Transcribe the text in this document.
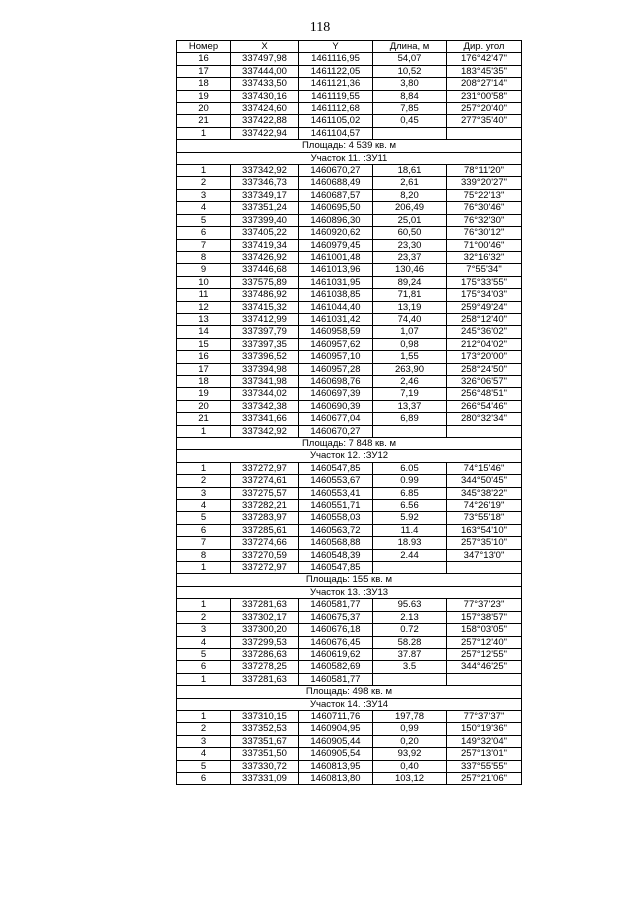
118
Номер	X	Y	Длина, м	Дир. угол
16	337497,98	1461116,95	54,07	176°42'47"
17	337444,00	1461122,05	10,52	183°45'35"
18	337433,50	1461121,36	3,80	208°27'14"
19	337430,16	1461119,55	8,84	231°00'58"
20	337424,60	1461112,68	7,85	257°20'40"
21	337422,88	1461105,02	0,45	277°35'40"
1	337422,94	1461104,57		
Площадь: 4 539 кв. м				
Участок 11. :ЗУ11				
1	337342,92	1460670,27	18,61	78°11'20"
2	337346,73	1460688,49	2,61	339°20'27"
3	337349,17	1460687,57	8,20	75°22'13"
4	337351,24	1460695,50	206,49	76°30'46"
5	337399,40	1460896,30	25,01	76°32'30"
6	337405,22	1460920,62	60,50	76°30'12"
7	337419,34	1460979,45	23,30	71°00'46"
8	337426,92	1461001,48	23,37	32°16'32"
9	337446,68	1461013,96	130,46	7°55'34"
10	337575,89	1461031,95	89,24	175°33'55"
11	337486,92	1461038,85	71,81	175°34'03"
12	337415,32	1461044,40	13,19	259°49'24"
13	337412,99	1461031,42	74,40	258°12'40"
14	337397,79	1460958,59	1,07	245°36'02"
15	337397,35	1460957,62	0,98	212°04'02"
16	337396,52	1460957,10	1,55	173°20'00"
17	337394,98	1460957,28	263,90	258°24'50"
18	337341,98	1460698,76	2,46	326°06'57"
19	337344,02	1460697,39	7,19	256°48'51"
20	337342,38	1460690,39	13,37	266°54'46"
21	337341,66	1460677,04	6,89	280°32'34"
1	337342,92	1460670,27		
Площадь: 7 848 кв. м				
Участок 12. :ЗУ12				
1	337272,97	1460547,85	6.05	74°15'46"
2	337274,61	1460553,67	0.99	344°50'45"
3	337275,57	1460553,41	6.85	345°38'22"
4	337282,21	1460551,71	6.56	74°26'19"
5	337283,97	1460558,03	5.92	73°55'18"
6	337285,61	1460563,72	11.4	163°54'10"
7	337274,66	1460568,88	18.93	257°35'10"
8	337270,59	1460548,39	2.44	347°13'0"
1	337272,97	1460547,85		
Площадь: 155 кв. м				
Участок 13. :ЗУ13				
1	337281,63	1460581,77	95.63	77°37'23"
2	337302,17	1460675,37	2.13	157°38'57"
3	337300,20	1460676,18	0.72	158°03'05"
4	337299,53	1460676,45	58.28	257°12'40"
5	337286,63	1460619,62	37.87	257°12'55"
6	337278,25	1460582,69	3.5	344°46'25"
1	337281,63	1460581,77		
Площадь: 498 кв. м				
Участок 14. :ЗУ14				
1	337310,15	1460711,76	197,78	77°37'37"
2	337352,53	1460904,95	0,99	150°19'36"
3	337351,67	1460905,44	0,20	149°32'04"
4	337351,50	1460905,54	93,92	257°13'01"
5	337330,72	1460813,95	0,40	337°55'55"
6	337331,09	1460813,80	103,12	257°21'06"
